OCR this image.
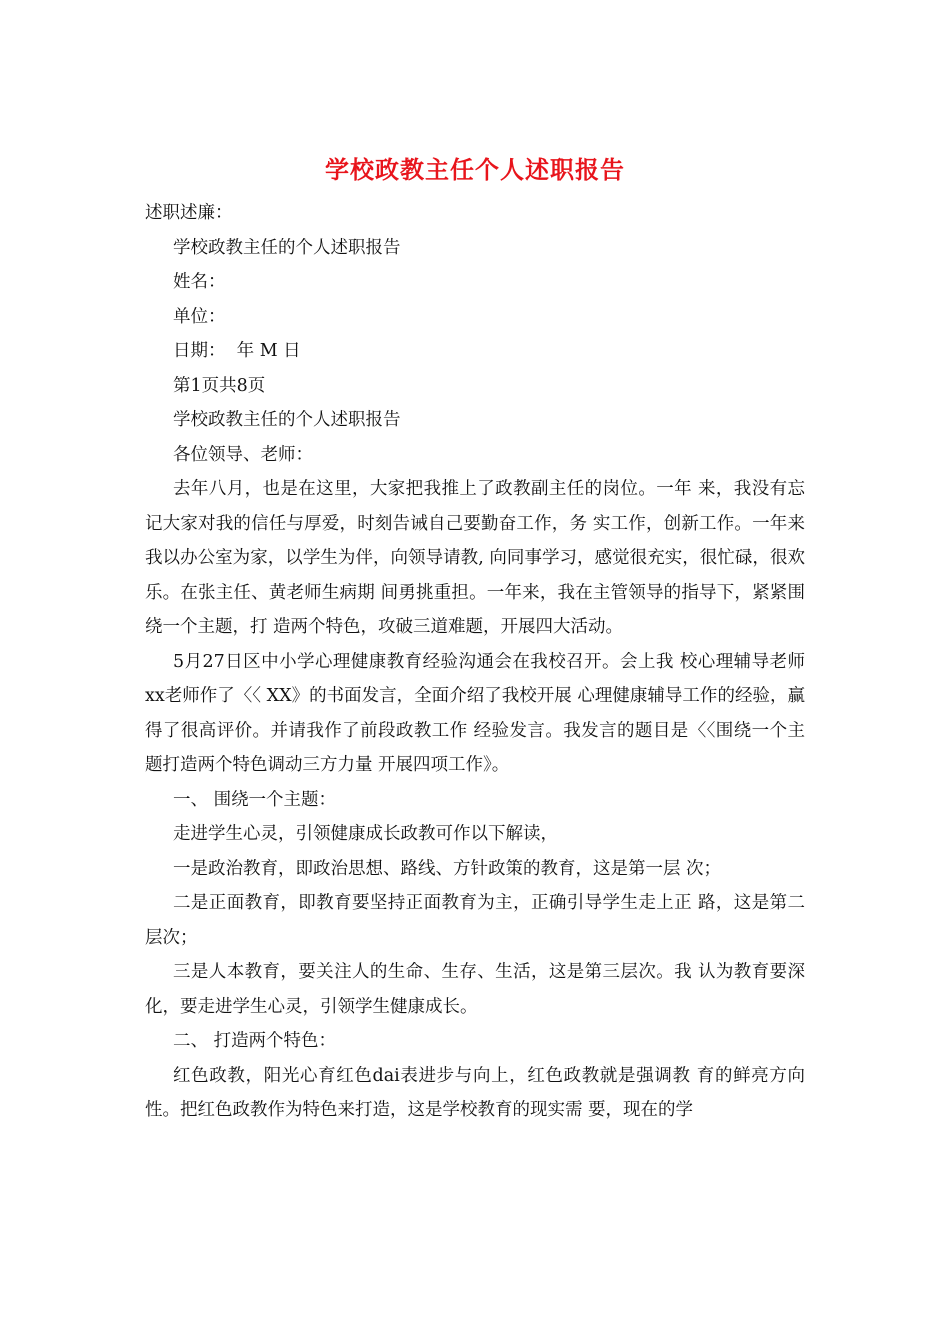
学校政教主任个人述职报告
述职述廉：
学校政教主任的个人述职报告
姓名：
单位：
日期：  年 M 日
第1页共8页
学校政教主任的个人述职报告
各位领导、老师：

去年八月，也是在这里，大家把我推上了政教副主任的岗位。一年 来，我没有忘记大家对我的信任与厚爱，时刻告诫自己要勤奋工作，务 实工作，创新工作。一年来我以办公室为家，以学生为伴，向领导请教, 向同事学习，感觉很充实，很忙碌，很欢乐。在张主任、黄老师生病期 间勇挑重担。一年来，我在主管领导的指导下，紧紧围绕一个主题，打 造两个特色，攻破三道难题，开展四大活动。

5月27日区中小学心理健康教育经验沟通会在我校召开。会上我 校心理辅导老师xx老师作了〈〈 XX》的书面发言，全面介绍了我校开展 心理健康辅导工作的经验，赢得了很高评价。并请我作了前段政教工作 经验发言。我发言的题目是〈〈围绕一个主题打造两个特色调动三方力量 开展四项工作》。

一、 围绕一个主题：

走进学生心灵，引领健康成长政教可作以下解读，

一是政治教育，即政治思想、路线、方针政策的教育，这是第一层 次；

二是正面教育，即教育要坚持正面教育为主，正确引导学生走上正 路，这是第二层次；

三是人本教育，要关注人的生命、生存、生活，这是第三层次。我 认为教育要深化，要走进学生心灵，引领学生健康成长。

二、 打造两个特色：

红色政教，阳光心育红色dai表进步与向上，红色政教就是强调教 育的鲜亮方向性。把红色政教作为特色来打造，这是学校教育的现实需 要，现在的学
